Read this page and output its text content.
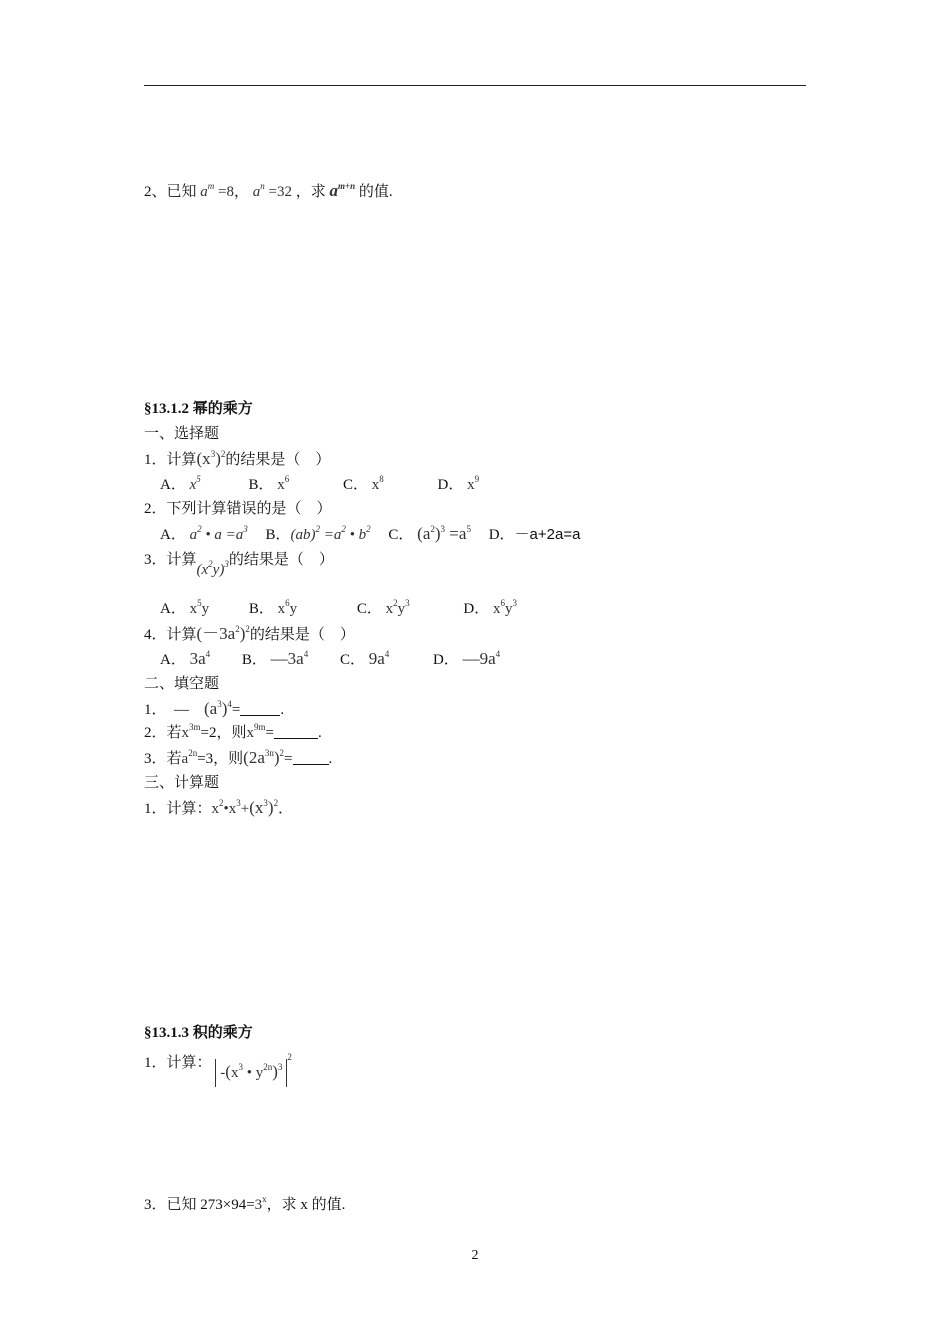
2、已知 $a^m =8$， $a^n =32$ ，求 $a^{m+n}$ 的值.
§13.1.2 幂的乘方
一、选择题
1．计算$(x^3)^2$的结果是（　）
A． $x^5$	B． $x^6$	C． $x^8$	D． $x^9$
2．下列计算错误的是（　）
A． $a^2$ • $a =a^3$ B．$(ab)^2 =a^2$ • $b^2$ C． $(a^2)^3 =a^5$ D．－a+2a=a
3．计算$(x^2y)^3$的结果是（　）
A． $x^5y$	B． $x^6y$	C． $x^2y^3$	D． $x^6y^3$
4．计算$(-3a^2)^2$的结果是（　）
A． $3a^4$ B． $—3a^4$ C． $9a^4$	D． $—9a^4$
二、填空题
1．　—　$(a^3)^4=$	.
2．若$x^{3m}=2$，则$x^{9m}=$	.
3．若$a^{2n}=3$，则$(2a^{3n})^2=$ .
三、计算题
1．计算：$x^2•x^3+(x^3)^2$．
§13.1.3 积的乘方
1．计算： $-(x^3$ • $y^{2n})^{32}$
3．已知 $273\times 94=3^x$，求 x 的值.
2
